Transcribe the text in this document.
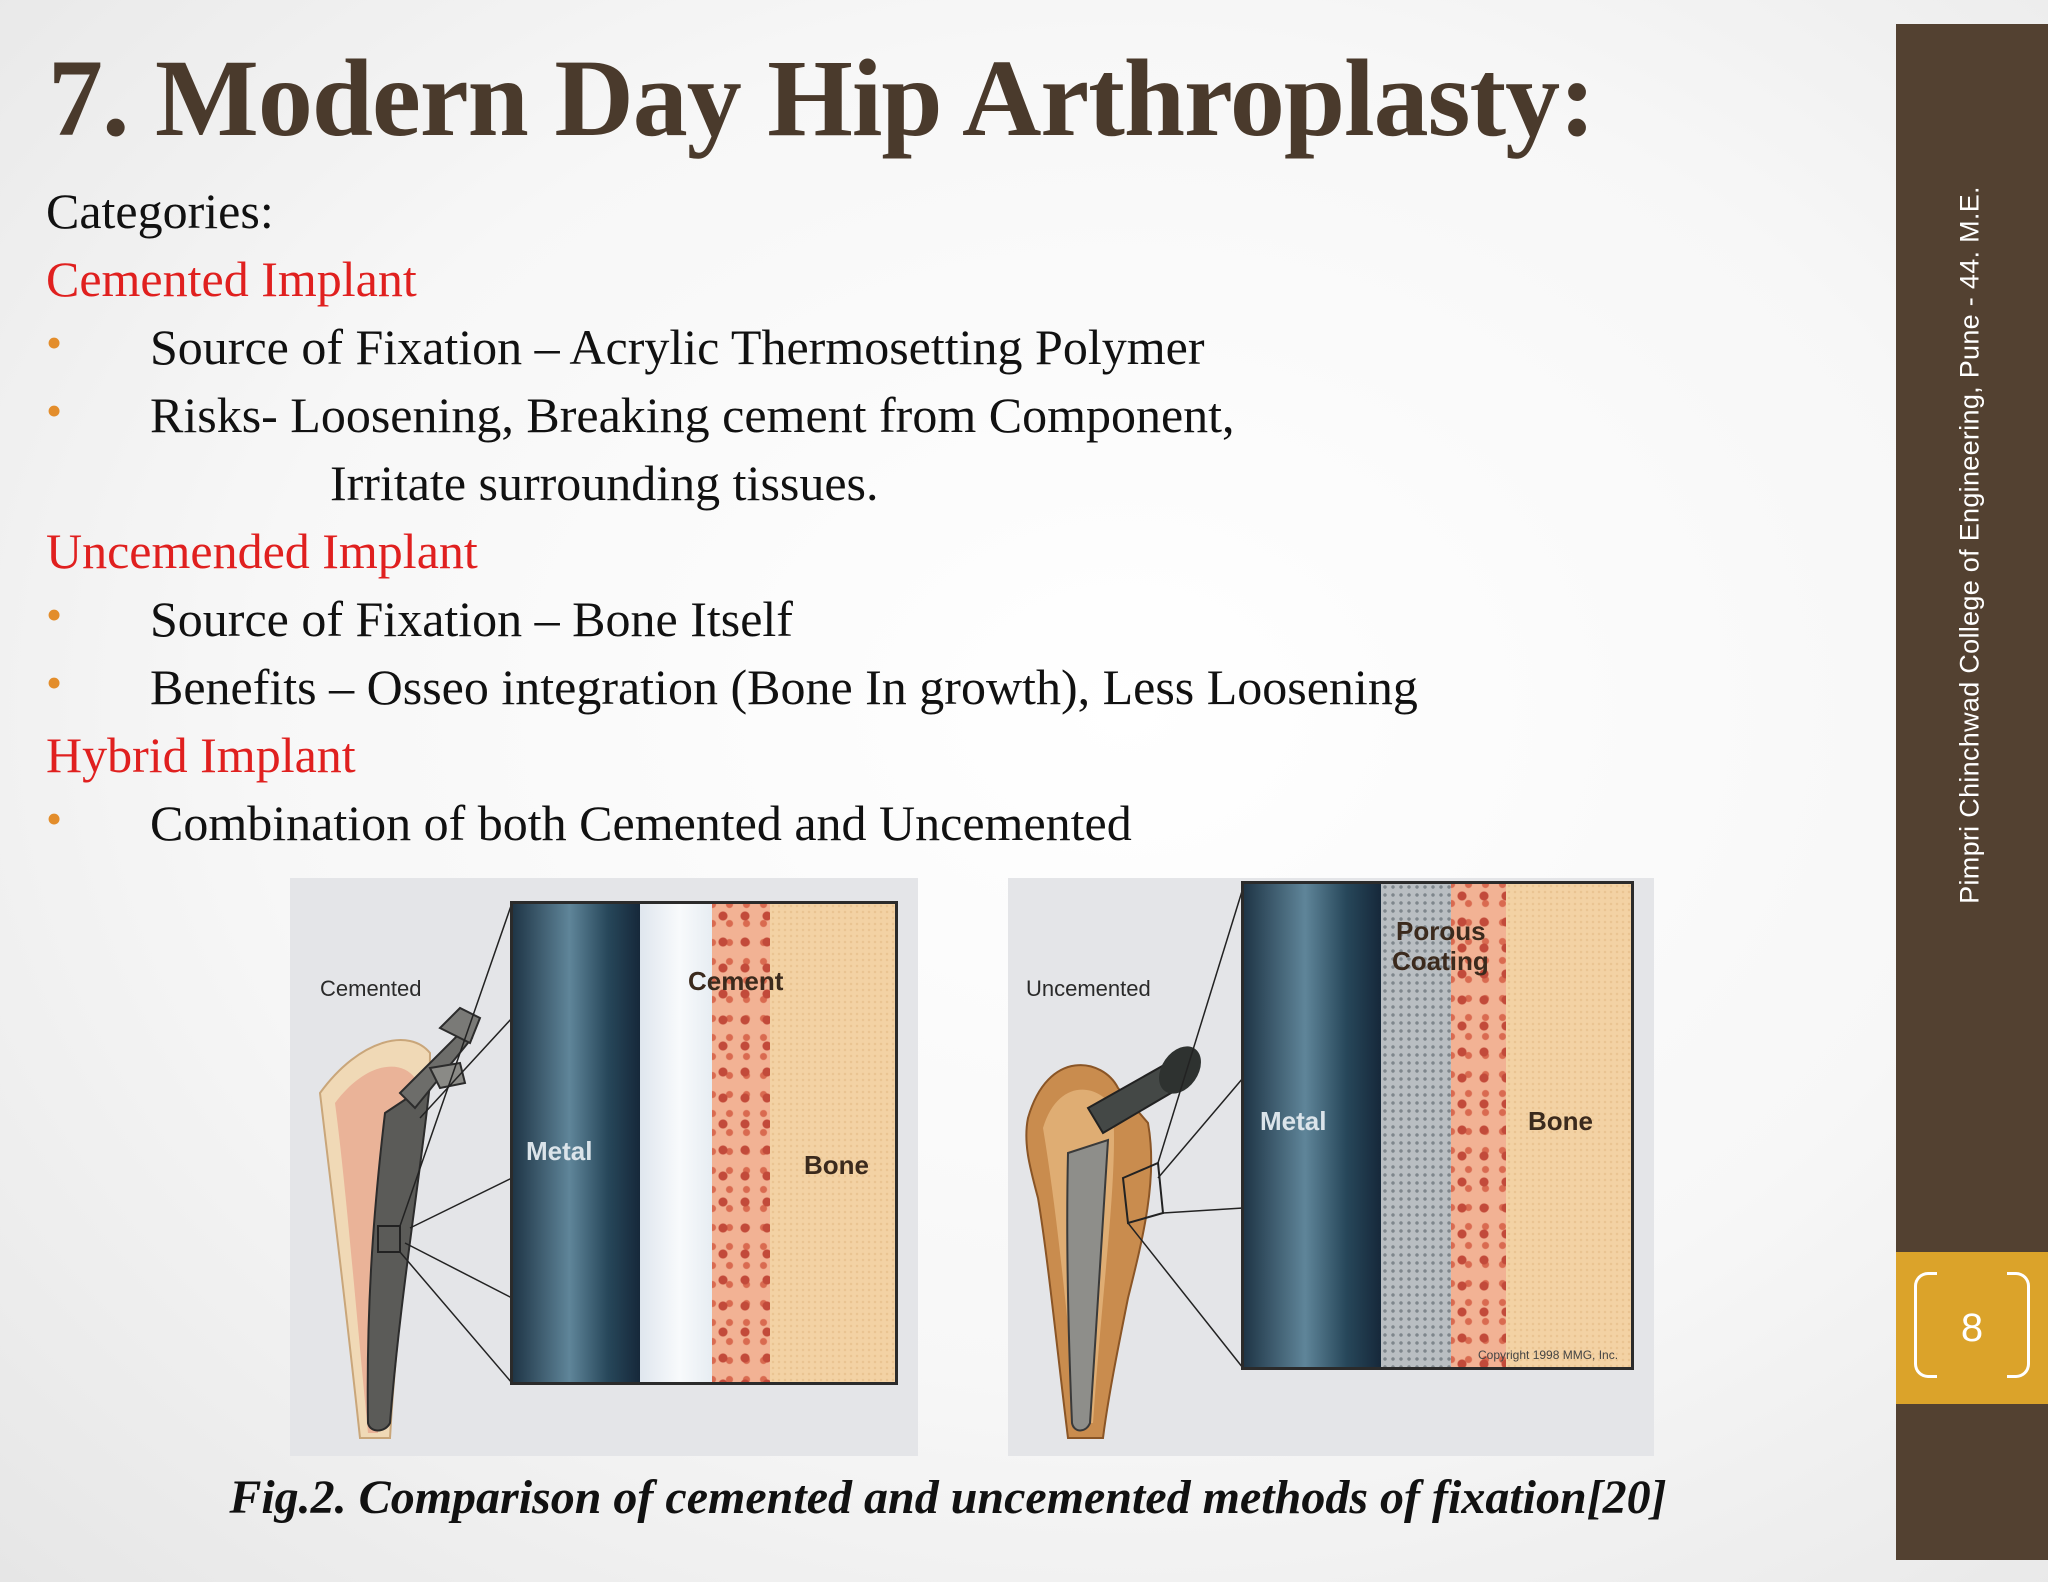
7. Modern Day Hip Arthroplasty:
Categories:
Cemented Implant
• Source of Fixation – Acrylic Thermosetting Polymer
• Risks- Loosening, Breaking cement from Component,
Irritate surrounding tissues.
Uncemended Implant
• Source of Fixation – Bone Itself
• Benefits – Osseo integration (Bone In growth), Less Loosening
Hybrid Implant
• Combination of both Cemented and Uncemented
Cemented
Metal
Cement
Bone
Uncemented
Metal
Porous
Coating
Bone
Copyright 1998 MMG, Inc.
Fig.2. Comparison of cemented and uncemented methods of fixation[20]
Pimpri Chinchwad College of Engineering, Pune - 44. M.E.
8
